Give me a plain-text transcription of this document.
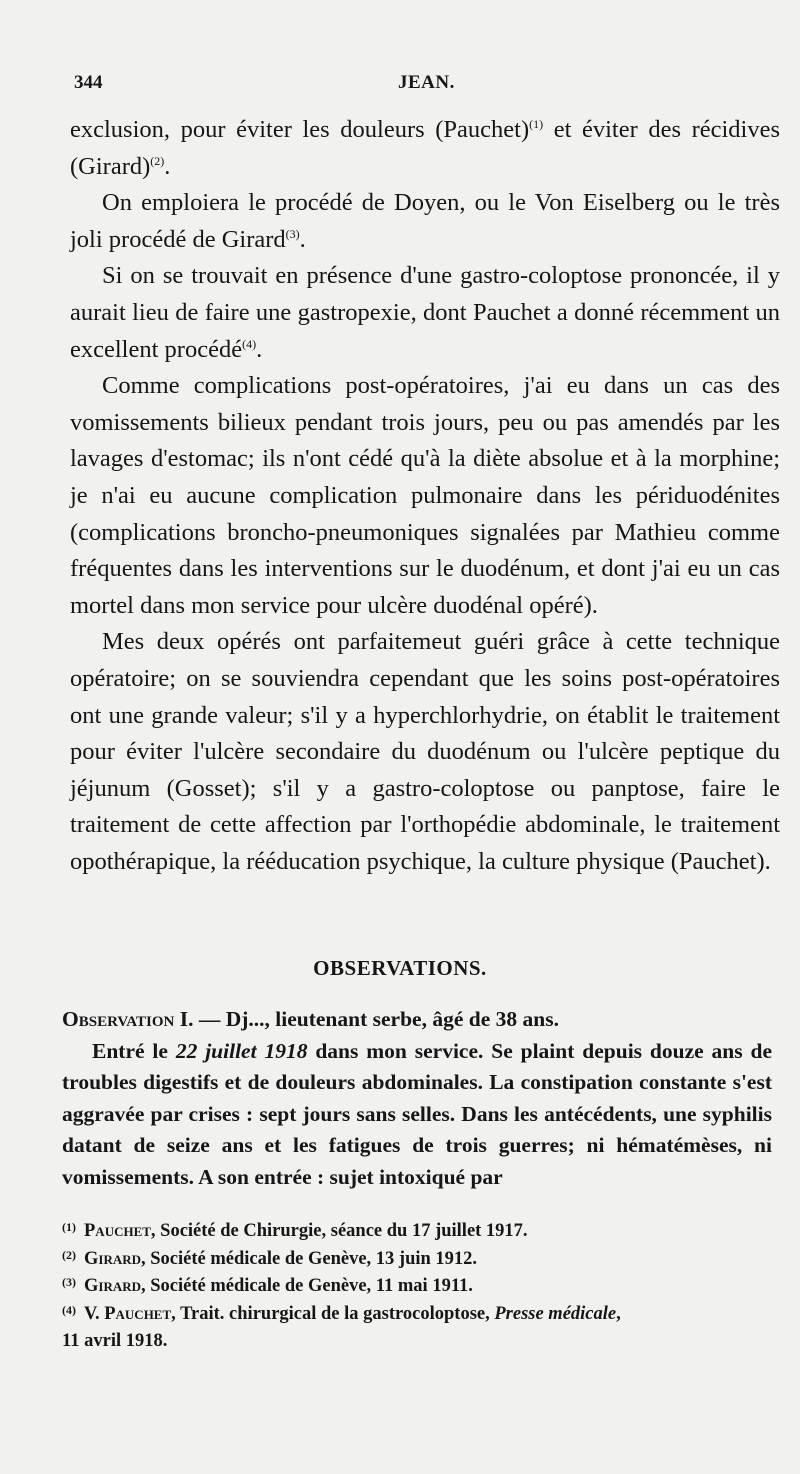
344	JEAN.

exclusion, pour éviter les douleurs (Pauchet)$^{(1)}$ et éviter des récidives (Girard)$^{(2)}$.

On emploiera le procédé de Doyen, ou le Von Eiselberg ou le très joli procédé de Girard$^{(3)}$.

Si on se trouvait en présence d'une gastro-coloptose prononcée, il y aurait lieu de faire une gastropexie, dont Pauchet a donné récemment un excellent procédé$^{(4)}$.

Comme complications post-opératoires, j'ai eu dans un cas des vomissements bilieux pendant trois jours, peu ou pas amendés par les lavages d'estomac; ils n'ont cédé qu'à la diète absolue et à la morphine; je n'ai eu aucune complication pulmonaire dans les périduodénites (complications broncho-pneumoniques signalées par Mathieu comme fréquentes dans les interventions sur le duodénum, et dont j'ai eu un cas mortel dans mon service pour ulcère duodénal opéré).

Mes deux opérés ont parfaitemeut guéri grâce à cette technique opératoire; on se souviendra cependant que les soins post-opératoires ont une grande valeur; s'il y a hyperchlorhydrie, on établit le traitement pour éviter l'ulcère secondaire du duodénum ou l'ulcère peptique du jéjunum (Gosset); s'il y a gastro-coloptose ou panptose, faire le traitement de cette affection par l'orthopédie abdominale, le traitement opothérapique, la rééducation psychique, la culture physique (Pauchet).

OBSERVATIONS.

Observation I. — Dj..., lieutenant serbe, âgé de 38 ans.

Entré le 22 juillet 1918 dans mon service. Se plaint depuis douze ans de troubles digestifs et de douleurs abdominales. La constipation constante s'est aggravée par crises : sept jours sans selles. Dans les antécédents, une syphilis datant de seize ans et les fatigues de trois guerres; ni hématémèses, ni vomissements. A son entrée : sujet intoxiqué par

(1) Pauchet, Société de Chirurgie, séance du 17 juillet 1917.
(2) Girard, Société médicale de Genève, 13 juin 1912.
(3) Girard, Société médicale de Genève, 11 mai 1911.
(4) V. Pauchet, Trait. chirurgical de la gastrocoloptose, Presse médicale,
11 avril 1918.
